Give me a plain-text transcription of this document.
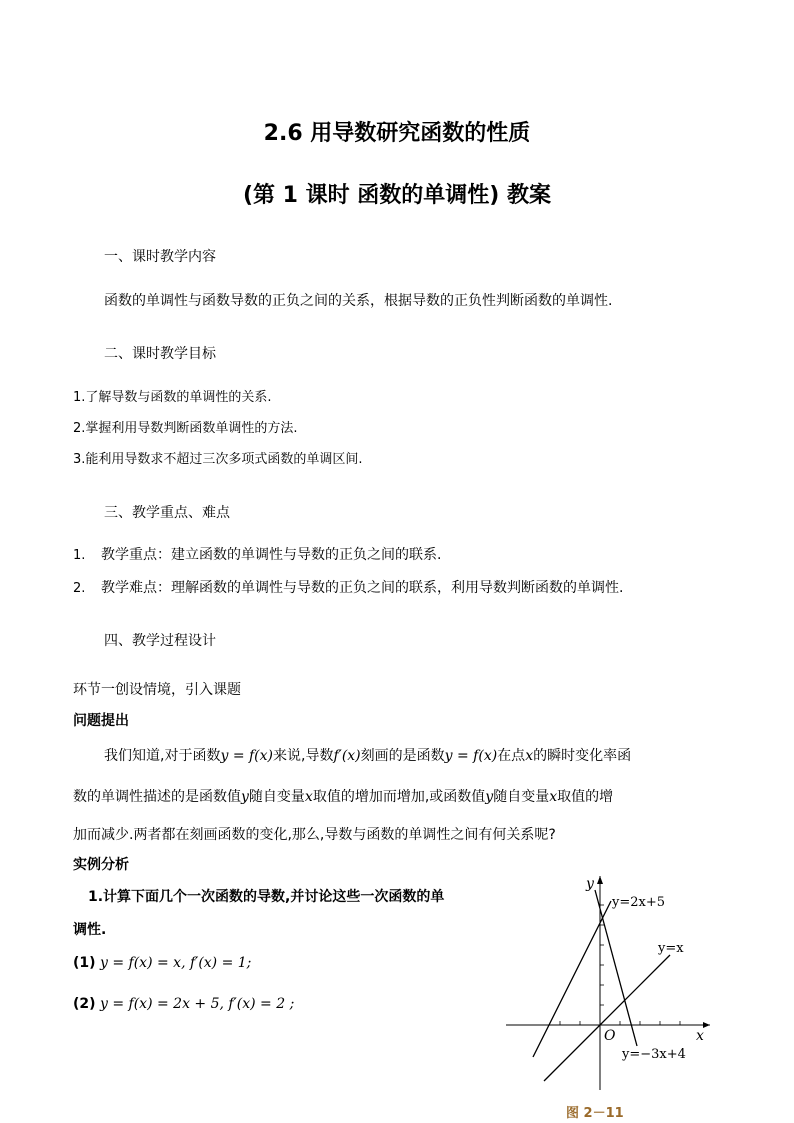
2.6 用导数研究函数的性质
(第 1 课时 函数的单调性) 教案
一、课时教学内容
函数的单调性与函数导数的正负之间的关系，根据导数的正负性判断函数的单调性.
二、课时教学目标
1.了解导数与函数的单调性的关系.
2.掌握利用导数判断函数单调性的方法.
3.能利用导数求不超过三次多项式函数的单调区间.
三、教学重点、难点
1. 教学重点：建立函数的单调性与导数的正负之间的联系.
2. 教学难点：理解函数的单调性与导数的正负之间的联系，利用导数判断函数的单调性.
四、教学过程设计
环节一创设情境，引入课题
问题提出
我们知道,对于函数y = f(x)来说,导数f′(x)刻画的是函数y = f(x)在点x的瞬时变化率函
数的单调性描述的是函数值y随自变量x取值的增加而增加,或函数值y随自变量x取值的增
加而减少.两者都在刻画函数的变化,那么,导数与函数的单调性之间有何关系呢?
实例分析
1.计算下面几个一次函数的导数,并讨论这些一次函数的单
调性.
(1) y = f(x) = x, f′(x) = 1;
(2) y = f(x) = 2x + 5, f′(x) = 2 ;
y
x
O
y=2x+5
y=x
y=−3x+4
图 2－11
